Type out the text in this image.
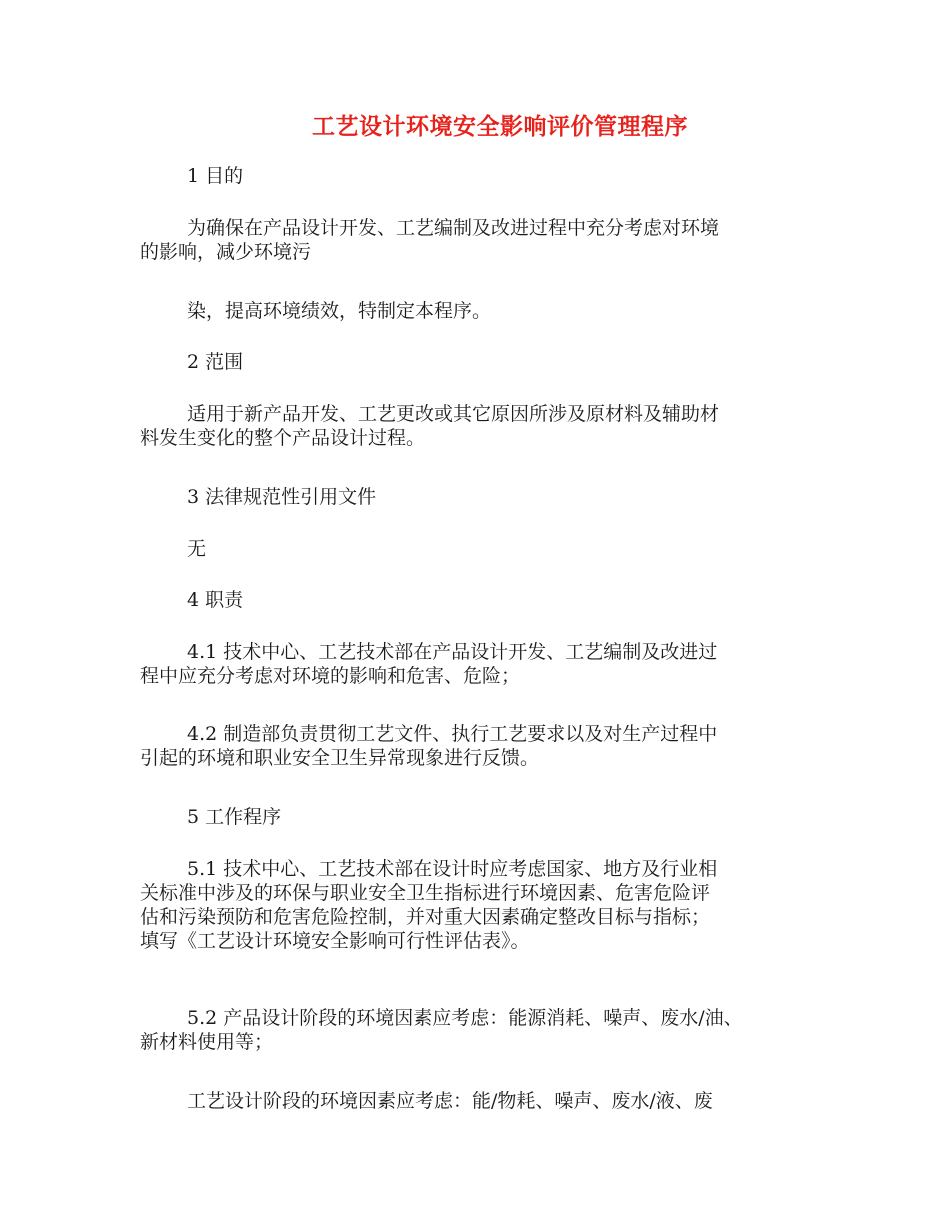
工艺设计环境安全影响评价管理程序
1 目的
为确保在产品设计开发、工艺编制及改进过程中充分考虑对环境
的影响，减少环境污
染，提高环境绩效，特制定本程序。
2 范围
适用于新产品开发、工艺更改或其它原因所涉及原材料及辅助材
料发生变化的整个产品设计过程。
3 法律规范性引用文件
无
4 职责
4.1 技术中心、工艺技术部在产品设计开发、工艺编制及改进过
程中应充分考虑对环境的影响和危害、危险；
4.2 制造部负责贯彻工艺文件、执行工艺要求以及对生产过程中
引起的环境和职业安全卫生异常现象进行反馈。
5 工作程序
5.1 技术中心、工艺技术部在设计时应考虑国家、地方及行业相
关标准中涉及的环保与职业安全卫生指标进行环境因素、危害危险评
估和污染预防和危害危险控制，并对重大因素确定整改目标与指标；
填写《工艺设计环境安全影响可行性评估表》。
5.2 产品设计阶段的环境因素应考虑：能源消耗、噪声、废水/油、
新材料使用等；
工艺设计阶段的环境因素应考虑：能/物耗、噪声、废水/液、废
